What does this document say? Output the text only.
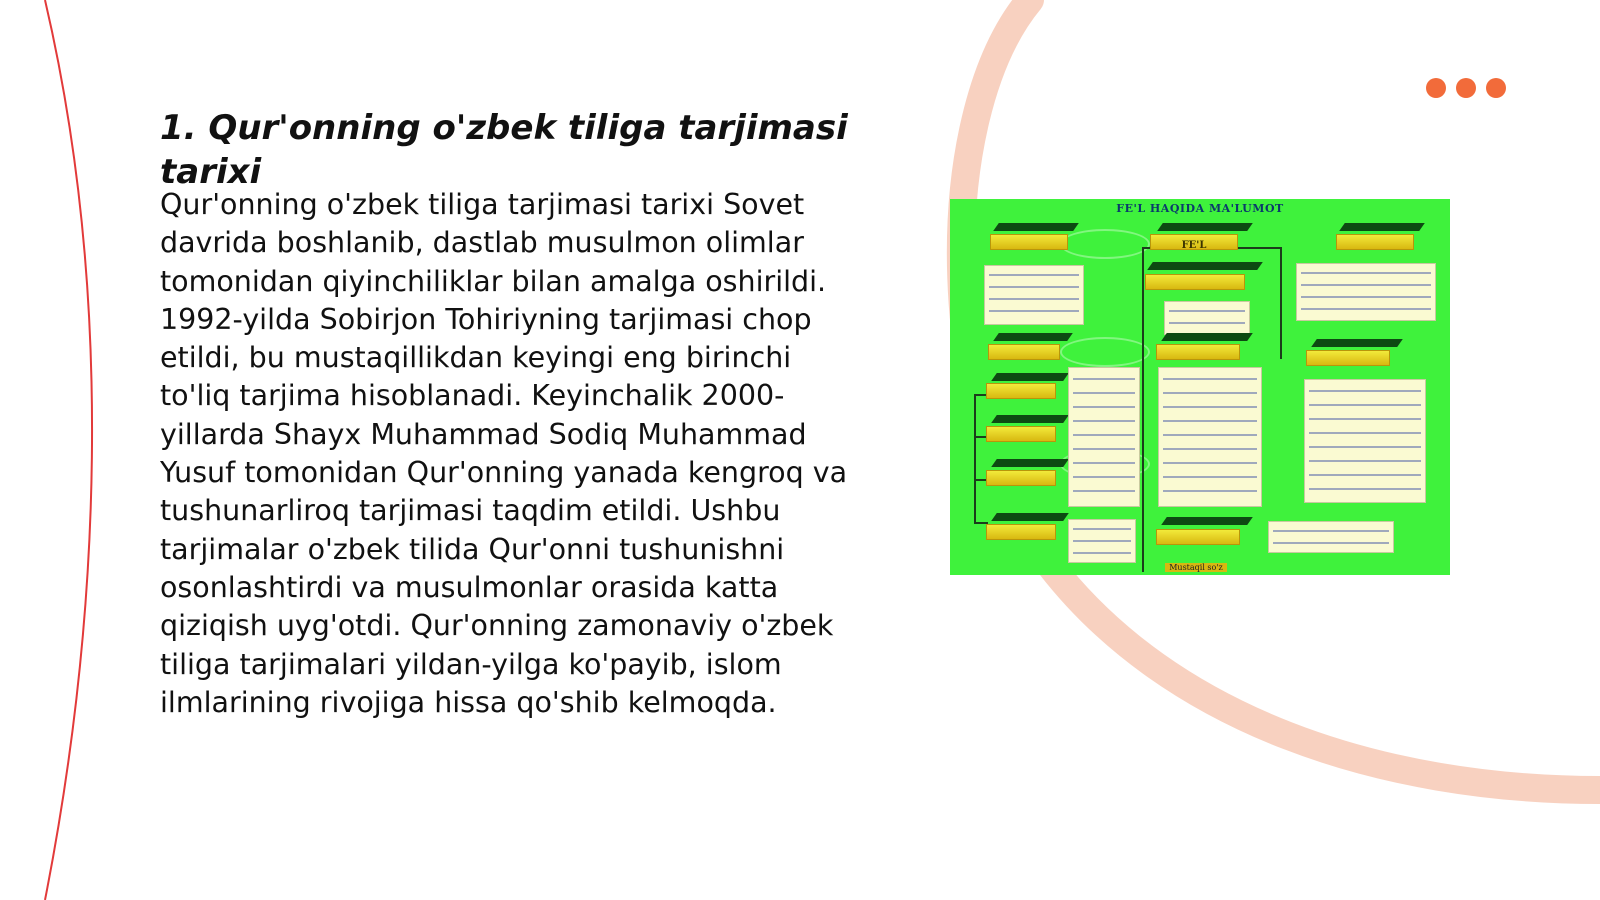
1. Qur'onning o'zbek tiliga tarjimasi tarixi
Qur'onning o'zbek tiliga tarjimasi tarixi Sovet davrida boshlanib, dastlab musulmon olimlar tomonidan qiyinchiliklar bilan amalga oshirildi. 1992-yilda Sobirjon Tohiriyning tarjimasi chop etildi, bu mustaqillikdan keyingi eng birinchi to'liq tarjima hisoblanadi. Keyinchalik 2000-yillarda Shayx Muhammad Sodiq Muhammad Yusuf tomonidan Qur'onning yanada kengroq va tushunarliroq tarjimasi taqdim etildi. Ushbu tarjimalar o'zbek tilida Qur'onni tushunishni osonlashtirdi va musulmonlar orasida katta qiziqish uyg'otdi. Qur'onning zamonaviy o'zbek tiliga tarjimalari yildan-yilga ko'payib, islom ilmlarining rivojiga hissa qo'shib kelmoqda.
FE'L HAQIDA MA'LUMOT
FE'L
Mustaqil so'z
